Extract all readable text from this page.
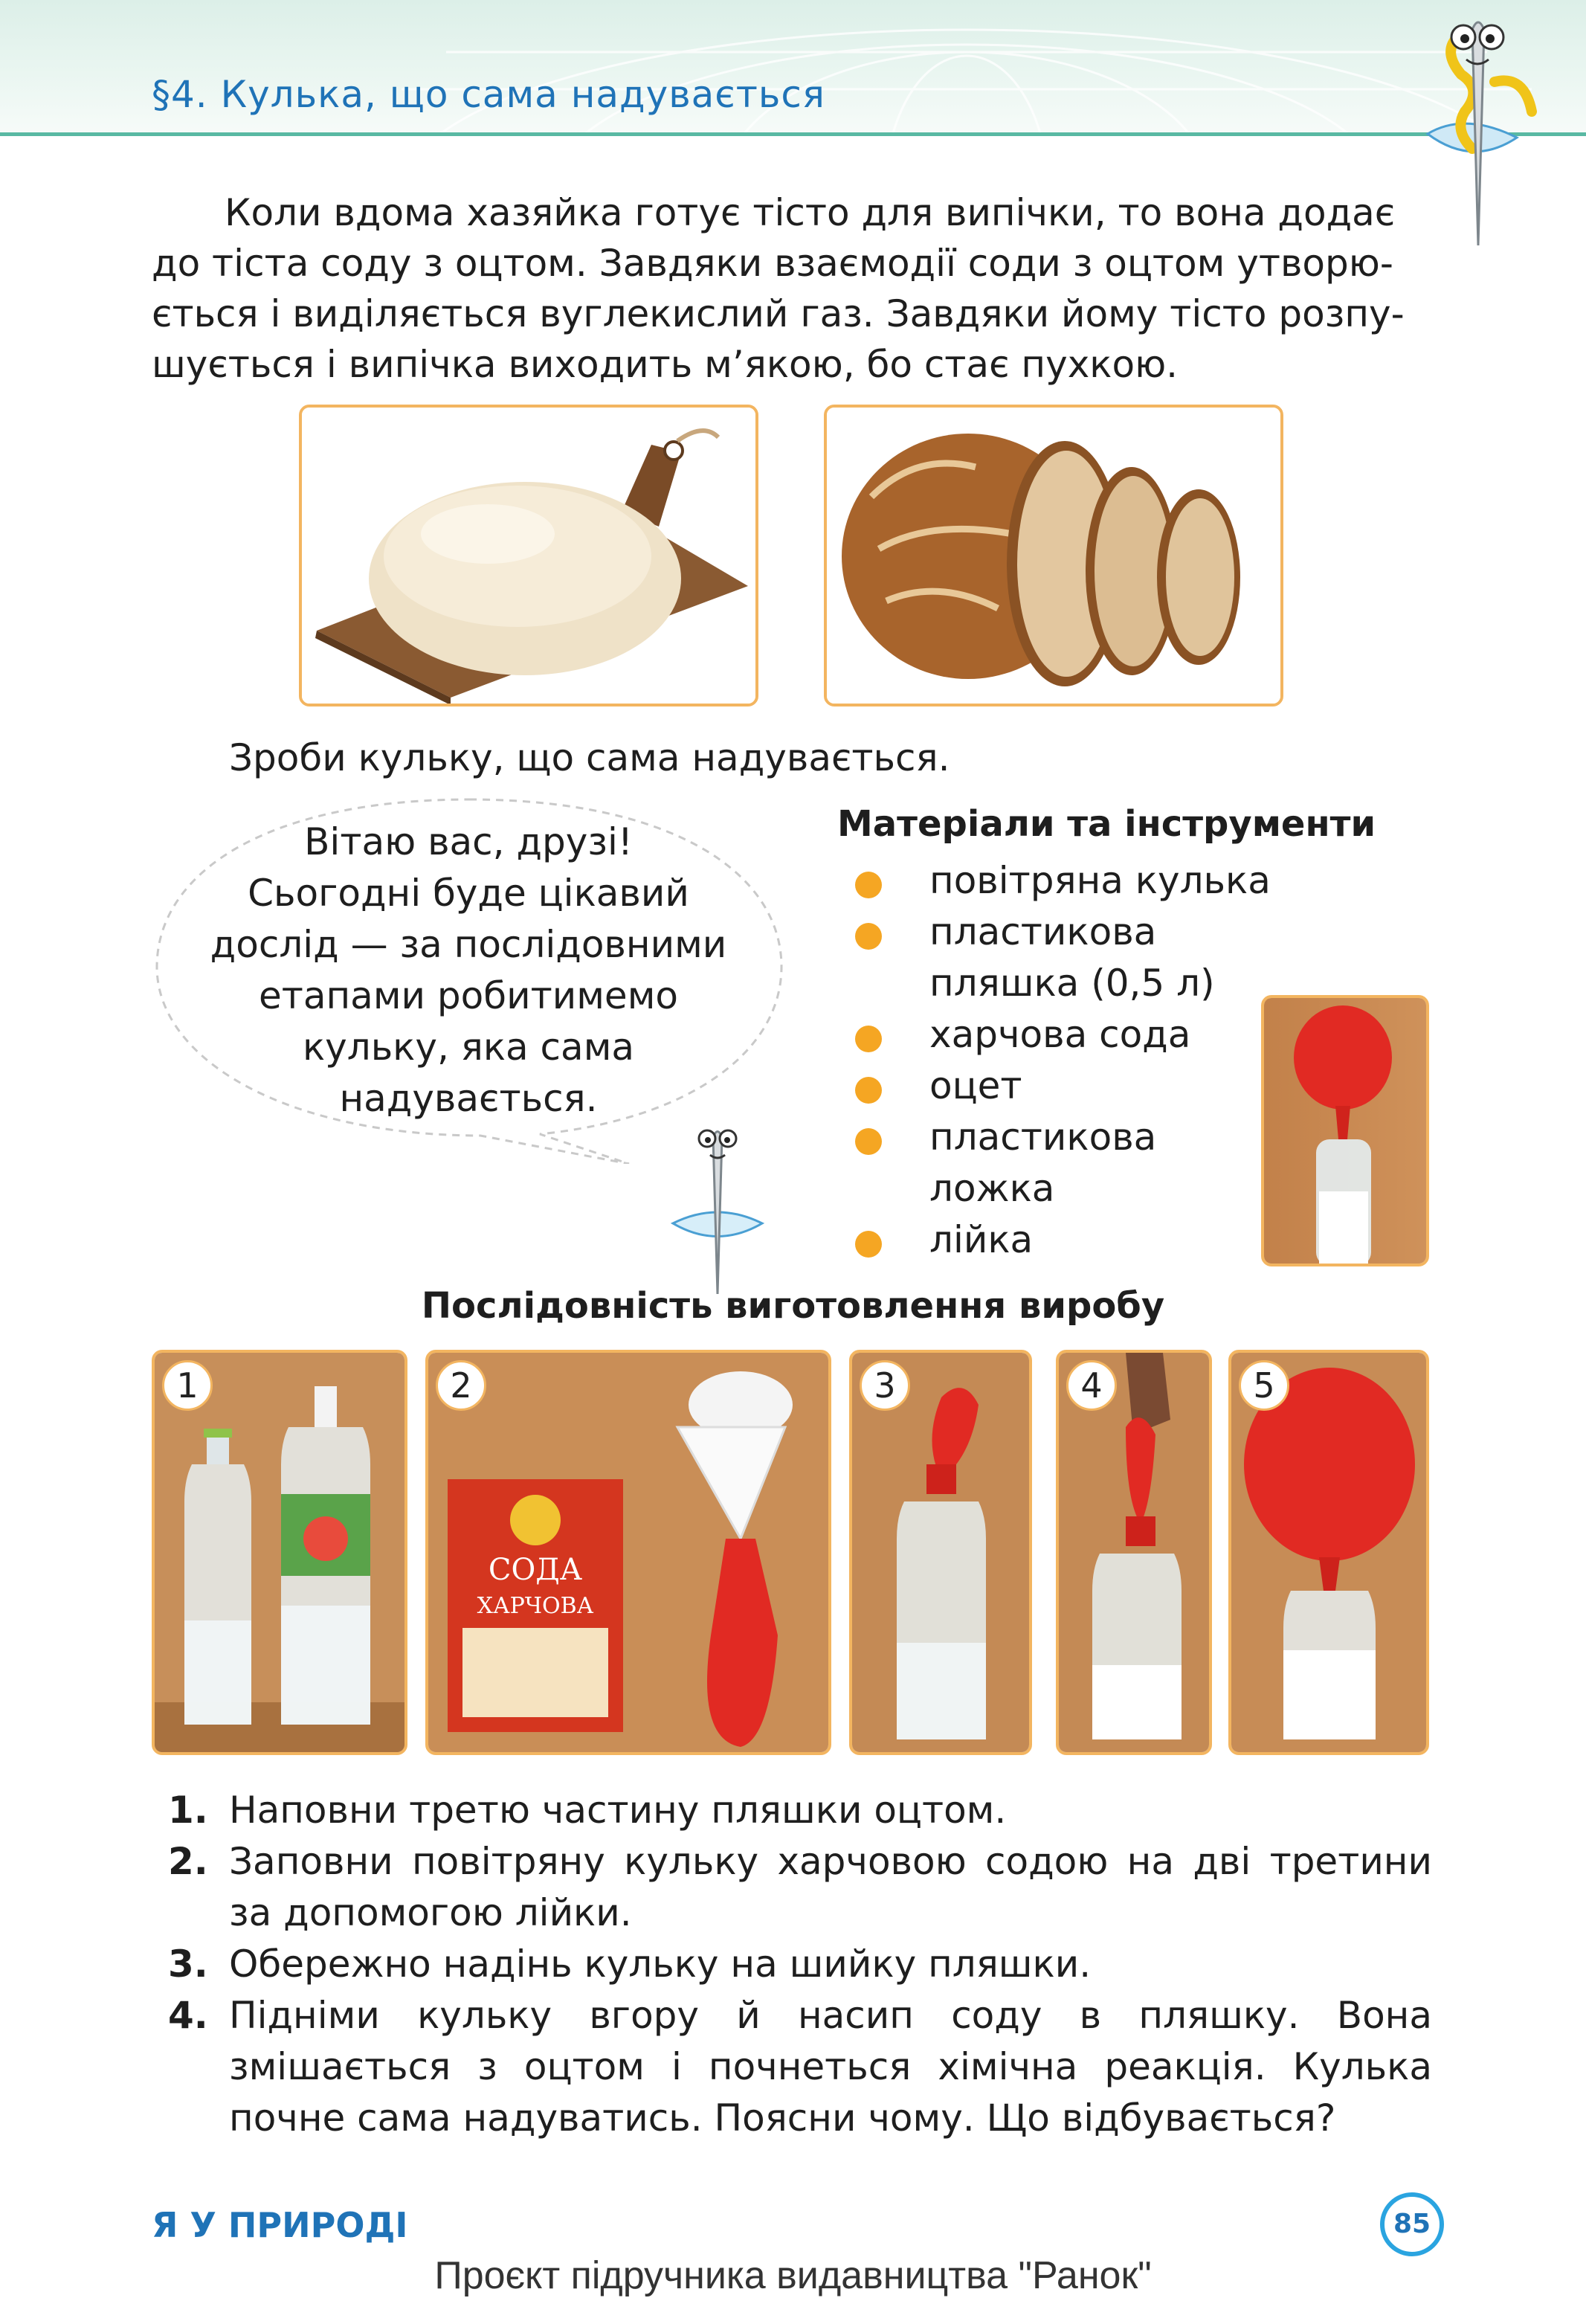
§4. Кулька, що сама надувається
Коли вдома хазяйка готує тісто для випічки, то вона додає
до тіста соду з оцтом. Завдяки взаємодії соди з оцтом утворю-
ється і виділяється вуглекислий газ. Завдяки йому тісто розпу-
шується і випічка виходить м’якою, бо стає пухкою.
Зроби кульку, що сама надувається.
Вітаю вас, друзі!
Сьогодні буде цікавий
дослід — за послідовними
етапами робитимемо
кульку, яка сама
надувається.
Матеріали та інструменти
повітряна кулька
пластикова пляшка (0,5 л)
харчова сода
оцет
пластикова ложка
лійка
Послідовність виготовлення виробу
1
СОДА
ХАРЧОВА
2	3	4	5
1. Наповни третю частину пляшки оцтом.
2. Заповни повітряну кульку харчовою содою на дві третини за допомогою лійки.
3. Обережно надінь кульку на шийку пляшки.
4. Підніми кульку вгору й насип соду в пляшку. Вона змішається з оцтом і почнеться хімічна реакція. Кулька почне сама надуватись. Поясни чому. Що відбувається?
Я У ПРИРОДІ	85
Проєкт підручника видавництва "Ранок"
